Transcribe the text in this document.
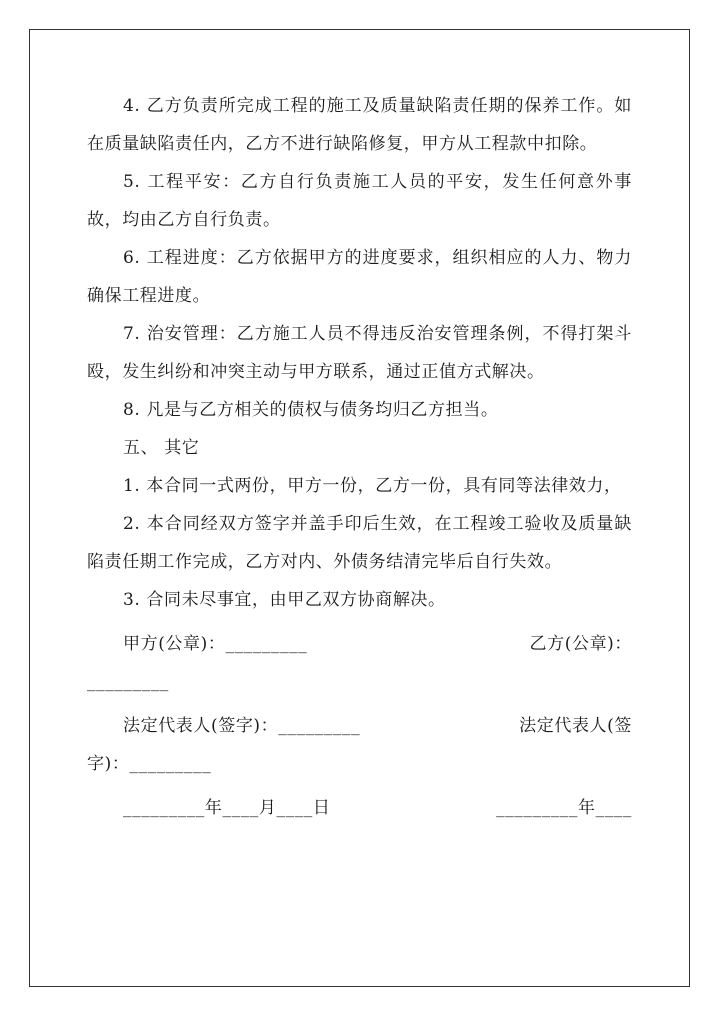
4. 乙方负责所完成工程的施工及质量缺陷责任期的保养工作。如在质量缺陷责任内，乙方不进行缺陷修复，甲方从工程款中扣除。

5. 工程平安：乙方自行负责施工人员的平安，发生任何意外事故，均由乙方自行负责。

6. 工程进度：乙方依据甲方的进度要求，组织相应的人力、物力确保工程进度。

7. 治安管理：乙方施工人员不得违反治安管理条例，不得打架斗殴，发生纠纷和冲突主动与甲方联系，通过正值方式解决。

8. 凡是与乙方相关的债权与债务均归乙方担当。

五、 其它

1. 本合同一式两份，甲方一份，乙方一份，具有同等法律效力，

2. 本合同经双方签字并盖手印后生效，在工程竣工验收及质量缺陷责任期工作完成，乙方对内、外债务结清完毕后自行失效。

3. 合同未尽事宜，由甲乙双方协商解决。

甲方(公章)：_________	乙方(公章)：
_________
法定代表人(签字)：_________	法定代表人(签
字)：_________
_________年____月____日	_________年____
